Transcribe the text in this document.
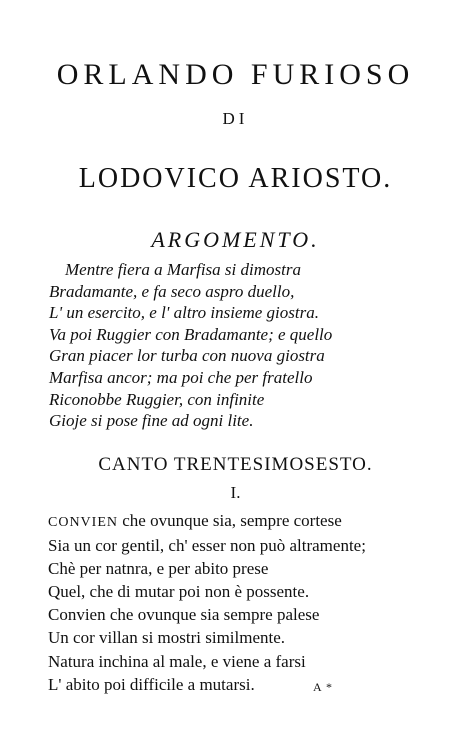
ORLANDO FURIOSO
DI
LODOVICO ARIOSTO.
ARGOMENTO.
Mentre fiera a Marfisa si dimostra
Bradamante, e fa seco aspro duello,
L' un esercito, e l' altro insieme giostra.
Va poi Ruggier con Bradamante; e quello
Gran piacer lor turba con nuova giostra
Marfisa ancor; ma poi che per fratello
Riconobbe Ruggier, con infinite
Gioje si pose fine ad ogni lite.
CANTO TRENTESIMOSESTO.
I.
CONVIEN che ovunque sia, sempre cortese
Sia un cor gentil, ch' esser non può altramente;
Chè per natnra, e per abito prese
Quel, che di mutar poi non è possente.
Convien che ovunque sia sempre palese
Un cor villan si mostri similmente.
Natura inchina al male, e viene a farsi
L' abito poi difficile a mutarsi.	A *
